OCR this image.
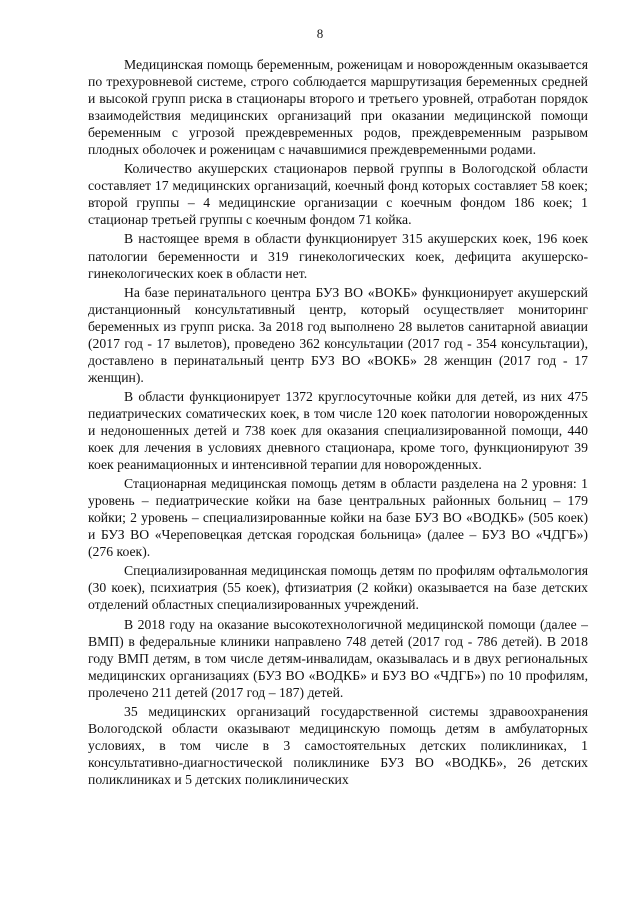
8

Медицинская помощь беременным, роженицам и новорожденным оказывается по трехуровневой системе, строго соблюдается маршрутизация беременных средней и высокой групп риска в стационары второго и третьего уровней, отработан порядок взаимодействия медицинских организаций при оказании медицинской помощи беременным с угрозой преждевременных родов, преждевременным разрывом плодных оболочек и роженицам с начавшимися преждевременными родами.

Количество акушерских стационаров первой группы в Вологодской области составляет 17 медицинских организаций, коечный фонд которых составляет 58 коек; второй группы – 4 медицинские организации с коечным фондом 186 коек; 1 стационар третьей группы с коечным фондом 71 койка.

В настоящее время в области функционирует 315 акушерских коек, 196 коек патологии беременности и 319 гинекологических коек, дефицита акушерско-гинекологических коек в области нет.

На базе перинатального центра БУЗ ВО «ВОКБ» функционирует акушерский дистанционный консультативный центр, который осуществляет мониторинг беременных из групп риска. За 2018 год выполнено 28 вылетов санитарной авиации (2017 год - 17 вылетов), проведено 362 консультации (2017 год - 354 консультации), доставлено в перинатальный центр БУЗ ВО «ВОКБ» 28 женщин (2017 год - 17 женщин).

В области функционирует 1372 круглосуточные койки для детей, из них 475 педиатрических соматических коек, в том числе 120 коек патологии новорожденных и недоношенных детей и 738 коек для оказания специализированной помощи, 440 коек для лечения в условиях дневного стационара, кроме того, функционируют 39 коек реанимационных и интенсивной терапии для новорожденных.

Стационарная медицинская помощь детям в области разделена на 2 уровня: 1 уровень – педиатрические койки на базе центральных районных больниц – 179 койки; 2 уровень – специализированные койки на базе БУЗ ВО «ВОДКБ» (505 коек) и БУЗ ВО «Череповецкая детская городская больница» (далее – БУЗ ВО «ЧДГБ») (276 коек).

Специализированная медицинская помощь детям по профилям офтальмология (30 коек), психиатрия (55 коек), фтизиатрия (2 койки) оказывается на базе детских отделений областных специализированных учреждений.

В 2018 году на оказание высокотехнологичной медицинской помощи (далее – ВМП) в федеральные клиники направлено 748 детей (2017 год - 786 детей). В 2018 году ВМП детям, в том числе детям-инвалидам, оказывалась и в двух региональных медицинских организациях (БУЗ ВО «ВОДКБ» и БУЗ ВО «ЧДГБ») по 10 профилям, пролечено 211 детей (2017 год – 187) детей.

35 медицинских организаций государственной системы здравоохранения Вологодской области оказывают медицинскую помощь детям в амбулаторных условиях, в том числе в 3 самостоятельных детских поликлиниках, 1 консультативно-диагностической поликлинике БУЗ ВО «ВОДКБ», 26 детских поликлиниках и 5 детских поликлинических
